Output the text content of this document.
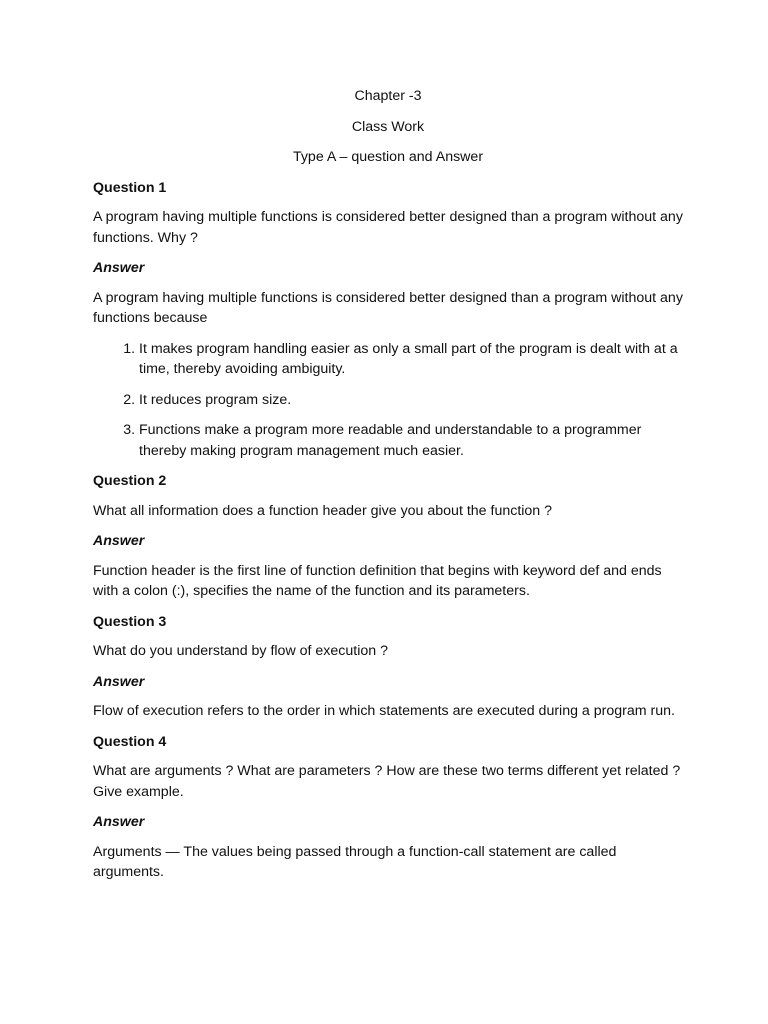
Chapter -3

Class Work

Type A – question and Answer

Question 1

A program having multiple functions is considered better designed than a program without any functions. Why ?

Answer

A program having multiple functions is considered better designed than a program without any functions because

1. It makes program handling easier as only a small part of the program is dealt with at a time, thereby avoiding ambiguity.
2. It reduces program size.
3. Functions make a program more readable and understandable to a programmer thereby making program management much easier.

Question 2

What all information does a function header give you about the function ?

Answer

Function header is the first line of function definition that begins with keyword def and ends with a colon (:), specifies the name of the function and its parameters.

Question 3

What do you understand by flow of execution ?

Answer

Flow of execution refers to the order in which statements are executed during a program run.

Question 4

What are arguments ? What are parameters ? How are these two terms different yet related ? Give example.

Answer

Arguments — The values being passed through a function-call statement are called arguments.
